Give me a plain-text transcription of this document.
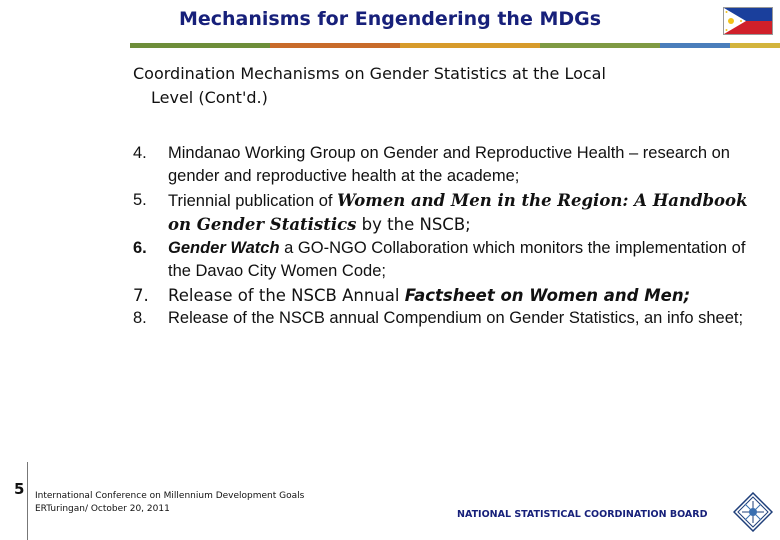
Mechanisms for Engendering the MDGs
Coordination Mechanisms on Gender Statistics at the Local
Level (Cont'd.)
4. Mindanao Working Group on Gender and Reproductive Health – research on gender and reproductive health at the academe;
5. Triennial publication of Women and Men in the Region: A Handbook on Gender Statistics by the NSCB;
6. Gender Watch a GO-NGO Collaboration which monitors the implementation of the Davao City Women Code;
7. Release of the NSCB Annual Factsheet on Women and Men;
8. Release of the NSCB annual Compendium on Gender Statistics, an info sheet;
5 International Conference on Millennium Development Goals
ERTuringan/ October 20, 2011	NATIONAL STATISTICAL COORDINATION BOARD
